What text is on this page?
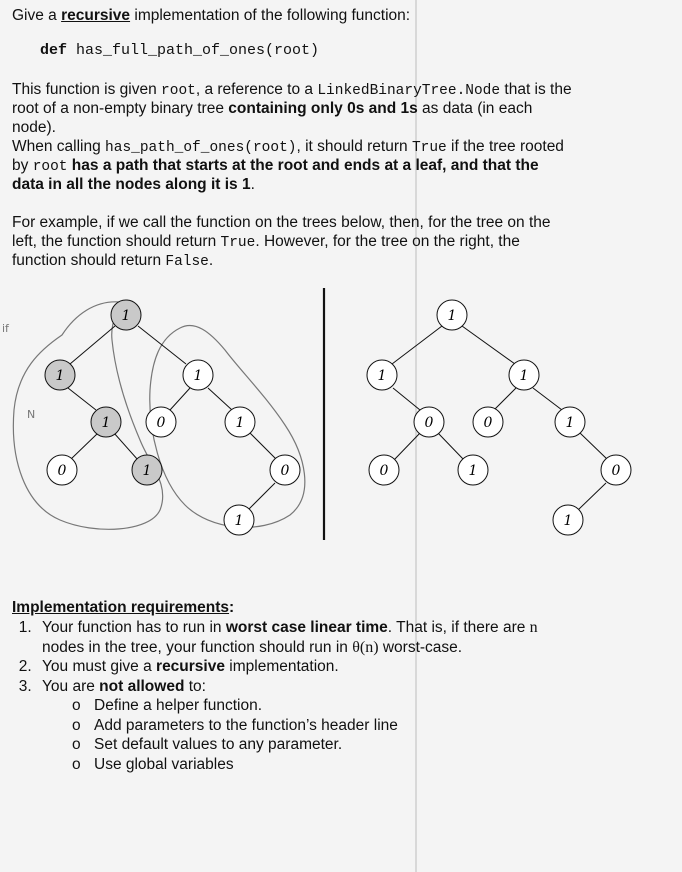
Give a recursive implementation of the following function:
def has_full_path_of_ones(root)
This function is given root, a reference to a LinkedBinaryTree.Node that is the
root of a non-empty binary tree containing only 0s and 1s as data (in each
node).
When calling has_path_of_ones(root), it should return True if the tree rooted
by root has a path that starts at the root and ends at a leaf, and that the
data in all the nodes along it is 1.
For example, if we call the function on the trees below, then, for the tree on the
left, the function should return True. However, for the tree on the right, the
function should return False.
if
N
1
1	1
0
1	1
0	1	0
1
1
1	1
0	0	1
0	1	0
1
Implementation requirements:
1. Your function has to run in worst case linear time. That is, if there are n
nodes in the tree, your function should run in θ(n) worst-case.
2. You must give a recursive implementation.
3. You are not allowed to:
o Define a helper function.
o Add parameters to the function’s header line
o Set default values to any parameter.
o Use global variables
